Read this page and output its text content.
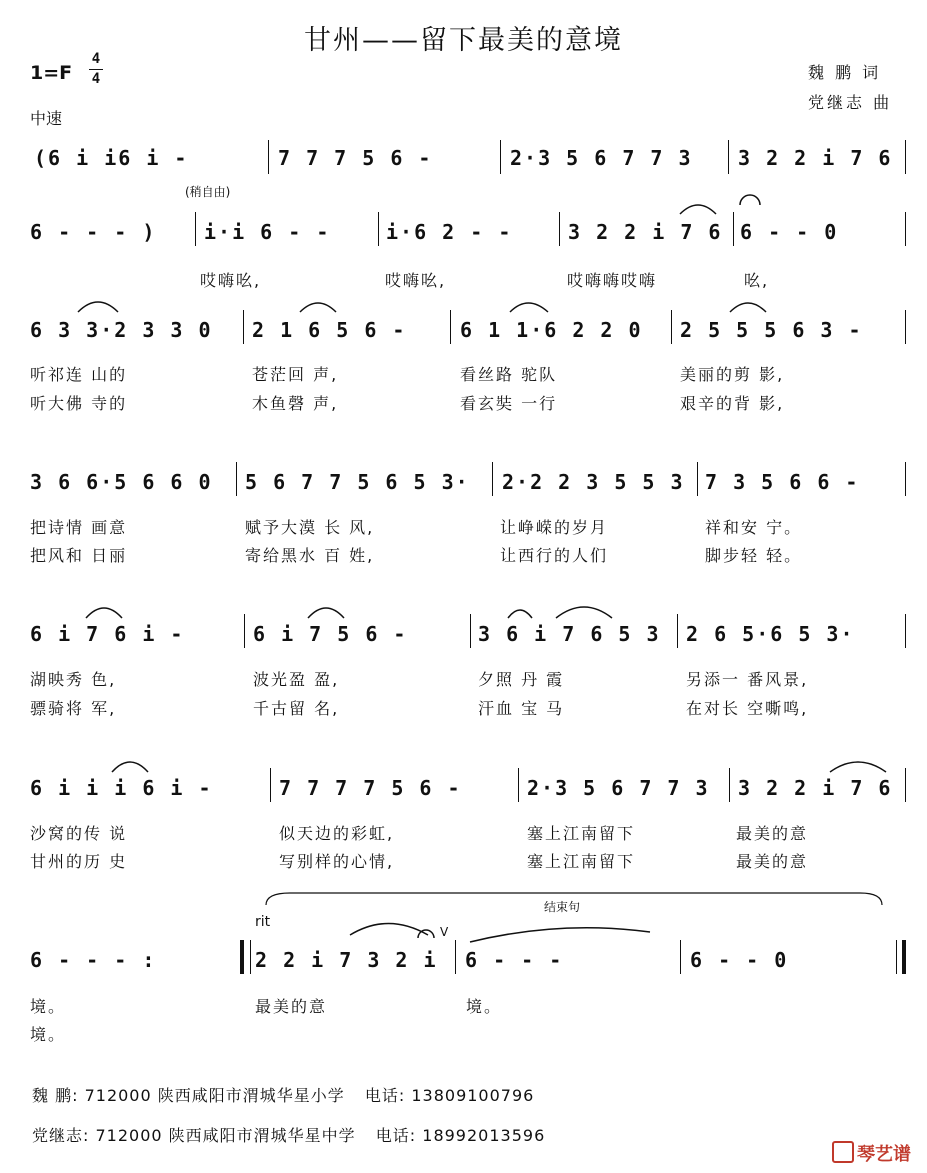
甘州——留下最美的意境
1=F
4
4	魏 鹏 词
党继志 曲
中速
(6 i i6 i -	7 7 7 5 6 -	2·3 5 6 7 7 3 3 2 2 i 7 6
(稍自由)
6 - - - ) i·i 6 - -	i·6 2 - -	3 2 2 i 7 6 6 - - 0
哎嗨吆,	哎嗨吆,	哎嗨嗨哎嗨	吆,
6 3 3·2 3 3 0 2 1 6 5 6 -	6 1 1·6 2 2 0 2 5 5 5 6 3 -
听祁连 山的	苍茫回 声,	看丝路 驼队	美丽的剪 影,
听大佛 寺的	木鱼磬 声,	看玄奘 一行	艰辛的背 影,
3 6 6·5 6 6 0 5 6 7 7 5 6 5 3· 2·2 2 3 5 5 3 7 3 5 6 6 -
把诗情 画意	赋予大漠 长 风,	让峥嵘的岁月	祥和安 宁。
把风和 日丽	寄给黑水 百 姓,	让西行的人们	脚步轻 轻。
6 i 7 6 i -	6 i 7 5 6 -	3 6 i 7 6 5 3 2 6 5·6 5 3·
湖映秀 色,	波光盈 盈,	夕照 丹 霞	另添一 番风景,
骠骑将 军,	千古留 名,	汗血 宝 马	在对长 空嘶鸣,
6 i i i 6 i -	7 7 7 7 5 6 -	2·3 5 6 7 7 3 3 2 2 i 7 6
沙窝的传 说	似天边的彩虹,	塞上江南留下	最美的意
甘州的历 史	写别样的心情,	塞上江南留下	最美的意
结束句
rit
V
6 - - - :	2 2 i 7 3 2 i 6 - - -	6 - - 0
境。	最美的意	境。
境。
魏 鹏: 712000 陕西咸阳市渭城华星小学 电话: 13809100796
党继志: 712000 陕西咸阳市渭城华星中学 电话: 18992013596
琴艺谱
